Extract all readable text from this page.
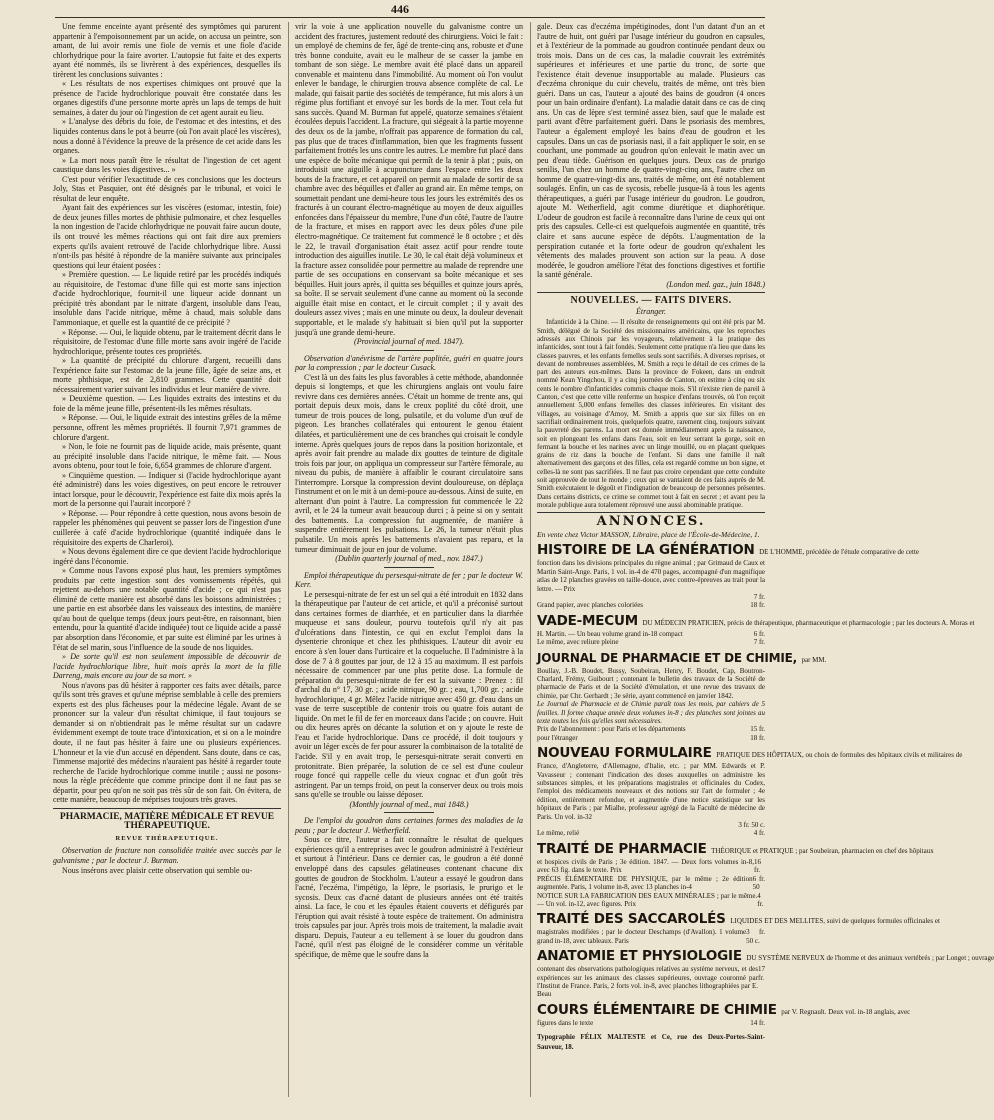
446

Une femme enceinte ayant présenté des symptômes qui parurent appartenir à l'empoisonnement par un acide, on accusa un peintre, son amant, de lui avoir remis une fiole de vernis et une fiole d'acide chlorhydrique pour la faire avorter. L'autopsie fut faite et des experts ayant été nommés, ils se livrèrent à des expériences, desquelles ils tirèrent les conclusions suivantes :

« Les résultats de nos expertises chimiques ont prouvé que la présence de l'acide hydrochlorique pouvait être constatée dans les organes digestifs d'une personne morte après un laps de temps de huit semaines, à dater du jour où l'ingestion de cet agent aurait eu lieu.

» L'analyse des débris du foie, de l'estomac et des intestins, et des liquides contenus dans le pot à beurre (où l'on avait placé les viscères), nous a donné à l'évidence la preuve de la présence de cet acide dans les organes.

» La mort nous paraît être le résultat de l'ingestion de cet agent caustique dans les voies digestives... »

C'est pour vérifier l'exactitude de ces conclusions que les docteurs Joly, Stas et Pasquier, ont été désignés par le tribunal, et voici le résultat de leur enquête.

Ayant fait des expériences sur les viscères (estomac, intestin, foie) de deux jeunes filles mortes de phthisie pulmonaire, et chez lesquelles la non ingestion de l'acide chlorhydrique ne pouvait faire aucun doute, ils ont trouvé les mêmes réactions qui ont fait dire aux premiers experts qu'ils avaient retrouvé de l'acide chlorhydrique libre. Aussi n'ont-ils pas hésité à répondre de la manière suivante aux principales questions qui leur étaient posées :

» Première question. — Le liquide retiré par les procédés indiqués au réquisitoire, de l'estomac d'une fille qui est morte sans injection d'acide hydrochlorique, fournit-il une liqueur acide donnant un précipité très abondant par le nitrate d'argent, insoluble dans l'eau, insoluble dans l'acide nitrique, même à chaud, mais soluble dans l'ammoniaque, et quelle est la quantité de ce précipité ?

» Réponse. — Oui, le liquide obtenu, par le traitement décrit dans le réquisitoire, de l'estomac d'une fille morte sans avoir ingéré de l'acide hydrochlorique, présente toutes ces propriétés.

» La quantité de précipité du chlorure d'argent, recueilli dans l'expérience faite sur l'estomac de la jeune fille, âgée de seize ans, et morte phthisique, est de 2,810 grammes. Cette quantité doit nécessairement varier suivant les individus et leur manière de vivre.

» Deuxième question. — Les liquides extraits des intestins et du foie de la même jeune fille, présentent-ils les mêmes résultats.

» Réponse. — Oui, le liquide extrait des intestins grêles de la même personne, offrent les mêmes propriétés. Il fournit 7,971 grammes de chlorure d'argent.

» Non, le foie ne fournit pas de liquide acide, mais présente, quant au précipité insoluble dans l'acide nitrique, le même fait. — Nous avons obtenu, pour tout le foie, 6,654 grammes de chlorure d'argent.

» Cinquième question. — Indiquer si (l'acide hydrochlorique ayant été administré) dans les voies digestives, on peut encore le retrouver intact lorsque, pour le découvrir, l'expérience est faite dix mois après la mort de la personne qui l'aurait incorporé ?

» Réponse. — Pour répondre à cette question, nous avons besoin de rappeler les phénomènes qui peuvent se passer lors de l'ingestion d'une cuillerée à café d'acide hydrochlorique (quantité indiquée dans le réquisitoire des experts de Charleroi).

» Nous devons également dire ce que devient l'acide hydrochlorique ingéré dans l'économie.

» Comme nous l'avons exposé plus haut, les premiers symptômes produits par cette ingestion sont des vomissements répétés, qui rejettent au-dehors une notable quantité d'acide ; ce qui n'est pas éliminé de cette manière est absorbé dans les boissons administrées ; une partie en est absorbée dans les vaisseaux des intestins, de manière qu'au bout de quelque temps (deux jours peut-être, en raisonnant, bien entendu, pour la quantité d'acide indiquée) tout ce liquide acide a passé par absorption dans l'économie, et par suite est éliminé par les urines à l'état de sel marin, sous l'influence de la soude de nos liquides.

» De sorte qu'il est non seulement impossible de découvrir de l'acide hydrochlorique libre, huit mois après la mort de la fille Darreng, mais encore au jour de sa mort. »

Nous n'avons pas dû hésiter à rapporter ces faits avec détails, parce qu'ils sont très graves et qu'une méprise semblable à celle des premiers experts est des plus fâcheuses pour la médecine légale. Avant de se prononcer sur la valeur d'un résultat chimique, il faut toujours se demander si on n'obtiendrait pas le même résultat sur un cadavre évidemment exempt de toute trace d'intoxication, et si on a le moindre doute, il ne faut pas hésiter à faire une ou plusieurs expériences. L'honneur et la vie d'un accusé en dépendent. Sans doute, dans ce cas, l'immense majorité des médecins n'auraient pas hésité à regarder toute recherche de l'acide hydrochlorique comme inutile ; aussi ne posons-nous la règle précédente que comme principe dont il ne faut pas se départir, pour peu qu'on ne soit pas très sûr de son fait. On évitera, de cette manière, beaucoup de méprises toujours très graves.

PHARMACIE, MATIÈRE MÉDICALE ET REVUE THÉRAPEUTIQUE.
REVUE THÉRAPEUTIQUE.

Observation de fracture non consolidée traitée avec succès par le galvanisme ; par le docteur J. Burman.

Nous insérons avec plaisir cette observation qui semble ou-

vrir la voie à une application nouvelle du galvanisme contre un accident des fractures, justement redouté des chirurgiens. Voici le fait : un employé de chemins de fer, âgé de trente-cinq ans, robuste et d'une très bonne conduite, avait eu le malheur de se casser la jambe en tombant de son siège. Le membre avait été placé dans un appareil convenable et maintenu dans l'immobilité. Au moment où l'on voulut enlever le bandage, le chirurgien trouva absence complète de cal. Le malade, qui faisait partie des sociétés de tempérance, fut mis alors à un régime plus fortifiant et envoyé sur les bords de la mer. Tout cela fut sans succès. Quand M. Burman fut appelé, quatorze semaines s'étaient écoulées depuis l'accident. La fracture, qui siégeait à la partie moyenne des deux os de la jambe, n'offrait pas apparence de formation du cal, pas plus que de traces d'inflammation, bien que les fragments fussent parfaitement frottés les uns contre les autres. Le membre fut placé dans une espèce de boîte mécanique qui permît de la tenir à plat ; puis, on introduisit une aiguille à acupuncture dans l'espace entre les deux bouts de la fracture, et cet appareil on permit au malade de sortir de sa chambre avec des béquilles et d'aller au grand air. En même temps, on soumettait pendant une demi-heure tous les jours les extrémités des os fracturés à un courant électro-magnétique au moyen de deux aiguilles enfoncées dans l'épaisseur du membre, l'une d'un côté, l'autre de l'autre de la fracture, et mises en rapport avec les deux pôles d'une pile électro-magnétique. Ce traitement fut commencé le 8 octobre ; et dès le 22, le travail d'organisation était assez actif pour rendre toute introduction des aiguilles inutile. Le 30, le cal était déjà volumineux et la fracture assez consolidée pour permettre au malade de reprendre une partie de ses occupations en conservant sa boîte mécanique et ses béquilles. Huit jours après, il quitta ses béquilles et quinze jours après, sa boîte. Il se servait seulement d'une canne au moment où la seconde aiguille était mise en contact, et le circuit complet ; il y avait des douleurs assez vives ; mais en une minute ou deux, la douleur devenait supportable, et le malade s'y habituait si bien qu'il put la supporter jusqu'à une grande demi-heure.

(Provincial journal of med. 1847).

Observation d'anévrisme de l'artère poplitée, guéri en quatre jours par la compression ; par le docteur Cusack.

C'est là un des faits les plus favorables à cette méthode, abandonnée depuis si longtemps, et que les chirurgiens anglais ont voulu faire revivre dans ces dernières années. C'était un homme de trente ans, qui portait depuis deux mois, dans le creux poplité du côté droit, une tumeur de trois pouces de long, pulsatile, et du volume d'un œuf de pigeon. Les branches collatérales qui entourent le genou étaient dilatées, et particulièrement une de ces branches qui croisait le condyle interne. Après quelques jours de repos dans la position horizontale, et après avoir fait prendre au malade dix gouttes de teinture de digitale trois fois par jour, on appliqua un compresseur sur l'artère fémorale, au niveau du pubis, de manière à affaiblir le courant circulatoire sans l'interrompre. Lorsque la compression devint douloureuse, on déplaça l'instrument et on le mit à un demi-pouce au-dessous. Ainsi de suite, en alternant d'un point à l'autre. La compression fut commencée le 22 avril, et le 24 la tumeur avait beaucoup durci ; à peine si on y sentait des battements. La compression fut augmentée, de manière à suspendre entièrement les pulsations. Le 26, la tumeur n'était plus pulsatile. Un mois après les battements n'avaient pas reparu, et la tumeur diminuait de jour en jour de volume.

(Dublin quarterly journal of med., nov. 1847.)

Emploi thérapeutique du persesqui-nitrate de fer ; par le docteur W. Kerr.

Le persesqui-nitrate de fer est un sel qui a été introduit en 1832 dans la thérapeutique par l'auteur de cet article, et qu'il a préconisé surtout dans certaines formes de diarrhée, et en particulier dans la diarrhée muqueuse et sans douleur, pourvu toutefois qu'il n'y ait pas d'ulcérations dans l'intestin, ce qui en exclut l'emploi dans la dysenterie chronique et chez les phthisiques. L'auteur dit avoir eu encore à s'en louer dans l'urticaire et la coqueluche. Il l'administre à la dose de 7 à 8 gouttes par jour, de 12 à 15 au maximum. Il est parfois nécessaire de commencer par une plus petite dose. La formule de préparation du persesqui-nitrate de fer est la suivante : Prenez : fil d'archal du n° 17, 30 gr. ; acide nitrique, 90 gr. ; eau, 1,700 gr. ; acide hydrochlorique, 4 gr. Mêlez l'acide nitrique avec 450 gr. d'eau dans un vase de terre susceptible de contenir trois ou quatre fois autant de liquide. On met le fil de fer en morceaux dans l'acide ; on couvre. Huit ou dix heures après on décante la solution et on y ajoute le reste de l'eau et l'acide hydrochlorique. Dans ce procédé, il doit toujours y avoir un léger excès de fer pour assurer la combinaison de la totalité de l'acide. S'il y en avait trop, le persesqui-nitrate serait converti en protonitrate. Bien préparée, la solution de ce sel est d'une couleur rouge foncé qui rappelle celle du vieux cognac et d'un goût très astringent. Par un temps froid, on peut la conserver deux ou trois mois sans qu'elle se trouble ou laisse déposer.

(Monthly journal of med., mai 1848.)

De l'emploi du goudron dans certaines formes des maladies de la peau ; par le docteur J. Wetherfield.

Sous ce titre, l'auteur a fait connaître le résultat de quelques expériences qu'il a entreprises avec le goudron administré à l'extérieur et surtout à l'intérieur. Dans ce dernier cas, le goudron a été donné enveloppé dans des capsules gélatineuses contenant chacune dix gouttes de goudron de Stockholm. L'auteur a essayé le goudron dans l'acné, l'eczéma, l'impétigo, la lèpre, le psoriasis, le prurigo et le sycosis. Deux cas d'acné datant de plusieurs années ont été traités ainsi. La face, le cou et les épaules étaient couverts et défigurés par l'éruption qui avait résisté à toute espèce de traitement. On administra trois capsules par jour. Après trois mois de traitement, la maladie avait disparu. Depuis, l'auteur a eu tellement à se louer du goudron dans l'acné, qu'il n'est pas éloigné de le considérer comme un véritable spécifique, de même que le soufre dans la

gale. Deux cas d'eczéma impétiginodes, dont l'un datant d'un an et l'autre de huit, ont guéri par l'usage intérieur du goudron en capsules, et à l'extérieur de la pommade au goudron continuée pendant deux ou trois mois. Dans un de ces cas, la maladie couvrait les extrémités supérieures et inférieures et une partie du tronc, de sorte que l'existence était devenue insupportable au malade. Plusieurs cas d'eczéma chronique du cuir chevelu, traités de même, ont très bien guéri. Dans un cas, l'auteur a ajouté des bains de goudron (4 onces pour un bain ordinaire d'enfant). La maladie datait dans ce cas de cinq ans. Un cas de lèpre s'est terminé assez bien, sauf que le malade est parti avant d'être parfaitement guéri. Dans le psoriasis des membres, l'auteur a également employé les bains d'eau de goudron et les capsules. Dans un cas de psoriasis nasi, il a fait appliquer le soir, en se couchant, une pommade au goudron qu'on enlevait le matin avec un peu d'eau tiède. Guérison en quelques jours. Deux cas de prurigo senilis, l'un chez un homme de quatre-vingt-cinq ans, l'autre chez un homme de quatre-vingt-dix ans, traités de même, ont été notablement soulagés. Enfin, un cas de sycosis, rebelle jusque-là à tous les agents thérapeutiques, a guéri par l'usage intérieur du goudron. Le goudron, ajoute M. Wetherfield, agit comme diurétique et diaphorétique. L'odeur de goudron est facile à reconnaître dans l'urine de ceux qui ont pris des capsules. Celle-ci est quelquefois augmentée en quantité, très claire et sans aucune espèce de dépôts. L'augmentation de la perspiration cutanée et la forte odeur de goudron qu'exhalent les vêtements des malades prouvent son action sur la peau. A dose modérée, le goudron améliore l'état des fonctions digestives et fortifie la santé générale.

(London med. gaz., juin 1848.)

NOUVELLES. — FAITS DIVERS.
Étranger.

Infanticide à la Chine. — Il résulte de renseignements qui ont été pris par M. Smith, délégué de la Société des missionnaires américains, que les reproches adressés aux Chinois par les voyageurs, relativement à la pratique des infanticides, sont tout à fait fondés. Seulement cette pratique n'a lieu que dans les classes pauvres, et les enfants femelles seuls sont sacrifiés. A diverses reprises, et devant de nombreuses assemblées, M. Smith a reçu le détail de ces crimes de la part des auteurs eux-mêmes. Dans la province de Fokeen, dans un endroit nommé Kean Yingchou, il y a cinq journées de Canton, on estime à cinq ou six cents le nombre d'infanticides commis chaque mois. S'il n'existe rien de pareil à Canton, c'est que cette ville renferme un hospice d'enfans trouvés, où l'on reçoit annuellement 5,000 enfans femelles des classes inférieures. En visitant des villages, au voisinage d'Amoy, M. Smith a appris que sur six filles on en sacrifiait ordinairement trois, quelquefois quatre, rarement cinq, toujours suivant la pauvreté des parens. La mort est donnée immédiatement après la naissance, soit en plongeant les enfans dans l'eau, soit en leur serrant la gorge, soit en fermant la bouche et les narines avec un linge mouillé, ou en plaçant quelques grains de riz dans la bouche de l'enfant. Si dans une famille il naît alternativement des garçons et des filles, cela est regardé comme un bon signe, et celles-là ne sont pas sacrifiées. Il ne faut pas croire cependant que cette conduite soit approuvée de tout le monde ; ceux qui se vantaient de ces faits auprès de M. Smith exécutaient le dégoût et l'indignation de beaucoup de personnes présentes. Dans certains districts, ce crime se commet tout à fait en secret ; et avant peu la morale publique aura totalement réprouvé une aussi abominable pratique.

ANNONCES.
En vente chez Victor MASSON, Libraire, place de l'École-de-Médecine, 1.
HISTOIRE DE LA GÉNÉRATION DE L'HOMME, précédée de l'étude comparative de cette
fonction dans les divisions principales du règne animal ; par Grimaud de Caux et Martin Saint-Ange. Paris, 1 vol. in-4 de 470 pages, accompagné d'un magnifique atlas de 12 planches gravées en taille-douce, avec contre-épreuves au trait pour la lettre. — Prix
7 fr.
Grand papier, avec planches coloriées	18 fr.
VADE-MECUM DU MÉDECIN PRATICIEN, précis de thérapeutique, pharmaceutique et pharmacologie ; par les docteurs A. Moras et
H. Martin. — Un beau volume grand in-18 compact	6 fr.
Le même, avec reliure pleine	7 fr.
JOURNAL DE PHARMACIE ET DE CHIMIE, par MM.
Boullay, J.-B. Boudet, Bussy, Soubeiran, Henry, F. Boudet, Cap, Boutron-Charlard, Frémy, Guibourt ; contenant le bulletin des travaux de la Société de pharmacie de Paris et de la Société d'émulation, et une revue des travaux de chimie, par Chr. Gerhardt ; 3e série, ayant commencé en janvier 1842.
Le Journal de Pharmacie et de Chimie paraît tous les mois, par cahiers de 5 feuilles. Il forme chaque année deux volumes in-8 ; des planches sont jointes au texte toutes les fois qu'elles sont nécessaires.
Prix de l'abonnement : pour Paris et les départements	15 fr.
pour l'étranger	18 fr.
NOUVEAU FORMULAIRE PRATIQUE DES HÔPITAUX, ou choix de formules des hôpitaux civils et militaires de
France, d'Angleterre, d'Allemagne, d'Italie, etc. ; par MM. Edwards et P. Vavasseur ; contenant l'indication des doses auxquelles on administre les substances simples, et les préparations magistrales et officinales du Codex, l'emploi des médicaments nouveaux et des notions sur l'art de formuler ; 4e édition, entièrement refondue, et augmentée d'une notice statistique sur les hôpitaux de Paris ; par Mialhe, professeur agrégé de la Faculté de médecine de Paris. Un vol. in-32
3 fr. 50 c.
Le même, relié	4 fr.
TRAITÉ DE PHARMACIE THÉORIQUE et PRATIQUE ; par Soubeiran, pharmacien en chef des hôpitaux
et hospices civils de Paris ; 3e édition. 1847. — Deux forts volumes in-8, avec 63 fig. dans le texte. Prix
16 fr.
PRÉCIS ÉLÉMENTAIRE DE PHYSIQUE, par le même ; 2e édition augmentée. Paris, 1 volume in-8, avec 13 planches in-4
6 fr. 50
NOTICE SUR LA FABRICATION DES EAUX MINÉRALES ; par le même. — Un vol. in-12, avec figures. Prix
4 fr.
TRAITÉ DES SACCAROLÉS LIQUIDES ET DES MELLITES, suivi de quelques formules officinales et
magistrales modifiées ; par le docteur Deschamps (d'Avallon). 1 volume grand in-18, avec tableaux. Paris
3 fr. 50 c.
ANATOMIE ET PHYSIOLOGIE DU SYSTÈME NERVEUX de l'homme et des animaux vertébrés ; par Longet ; ouvrage
contenant des observations pathologiques relatives au système nerveux, et des expériences sur les animaux des classes supérieures, ouvrage couronné par l'Institut de France. Paris, 2 forts vol. in-8, avec planches lithographiées par E. Beau
17 fr.
COURS ÉLÉMENTAIRE DE CHIMIE par V. Regnault. Deux vol. in-18 anglais, avec
figures dans le texte	14 fr.
Typographie FÉLIX MALTESTE et Ce, rue des Deux-Portes-Saint-Sauveur, 18.
